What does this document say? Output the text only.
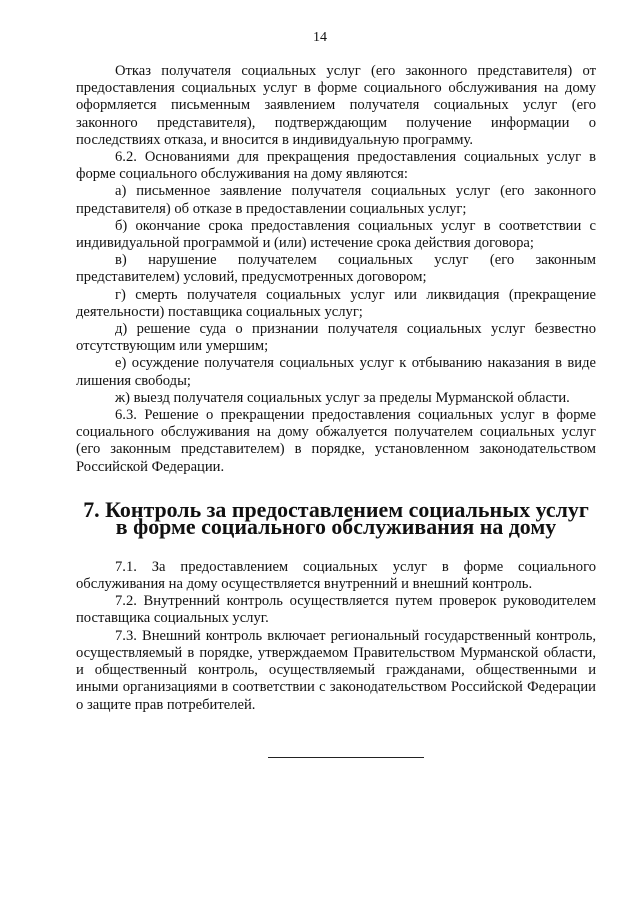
14

Отказ получателя социальных услуг (его законного представителя) от предоставления социальных услуг в форме социального обслуживания на дому оформляется письменным заявлением получателя социальных услуг (его законного представителя), подтверждающим получение информации о последствиях отказа, и вносится в индивидуальную программу.

6.2. Основаниями для прекращения предоставления социальных услуг в форме социального обслуживания на дому являются:

а) письменное заявление получателя социальных услуг (его законного представителя) об отказе в предоставлении социальных услуг;

б) окончание срока предоставления социальных услуг в соответствии с индивидуальной программой и (или) истечение срока действия договора;

в) нарушение получателем социальных услуг (его законным представителем) условий, предусмотренных договором;

г) смерть получателя социальных услуг или ликвидация (прекращение деятельности) поставщика социальных услуг;

д) решение суда о признании получателя социальных услуг безвестно отсутствующим или умершим;

е) осуждение получателя социальных услуг к отбыванию наказания в виде лишения свободы;

ж) выезд получателя социальных услуг за пределы Мурманской области.

6.3. Решение о прекращении предоставления социальных услуг в форме социального обслуживания на дому обжалуется получателем социальных услуг (его законным представителем) в порядке, установленном законодательством Российской Федерации.

7. Контроль за предоставлением социальных услуг в форме социального обслуживания на дому

7.1. За предоставлением социальных услуг в форме социального обслуживания на дому осуществляется внутренний и внешний контроль.

7.2. Внутренний контроль осуществляется путем проверок руководителем поставщика социальных услуг.

7.3. Внешний контроль включает региональный государственный контроль, осуществляемый в порядке, утверждаемом Правительством Мурманской области, и общественный контроль, осуществляемый гражданами, общественными и иными организациями в соответствии с законодательством Российской Федерации о защите прав потребителей.
